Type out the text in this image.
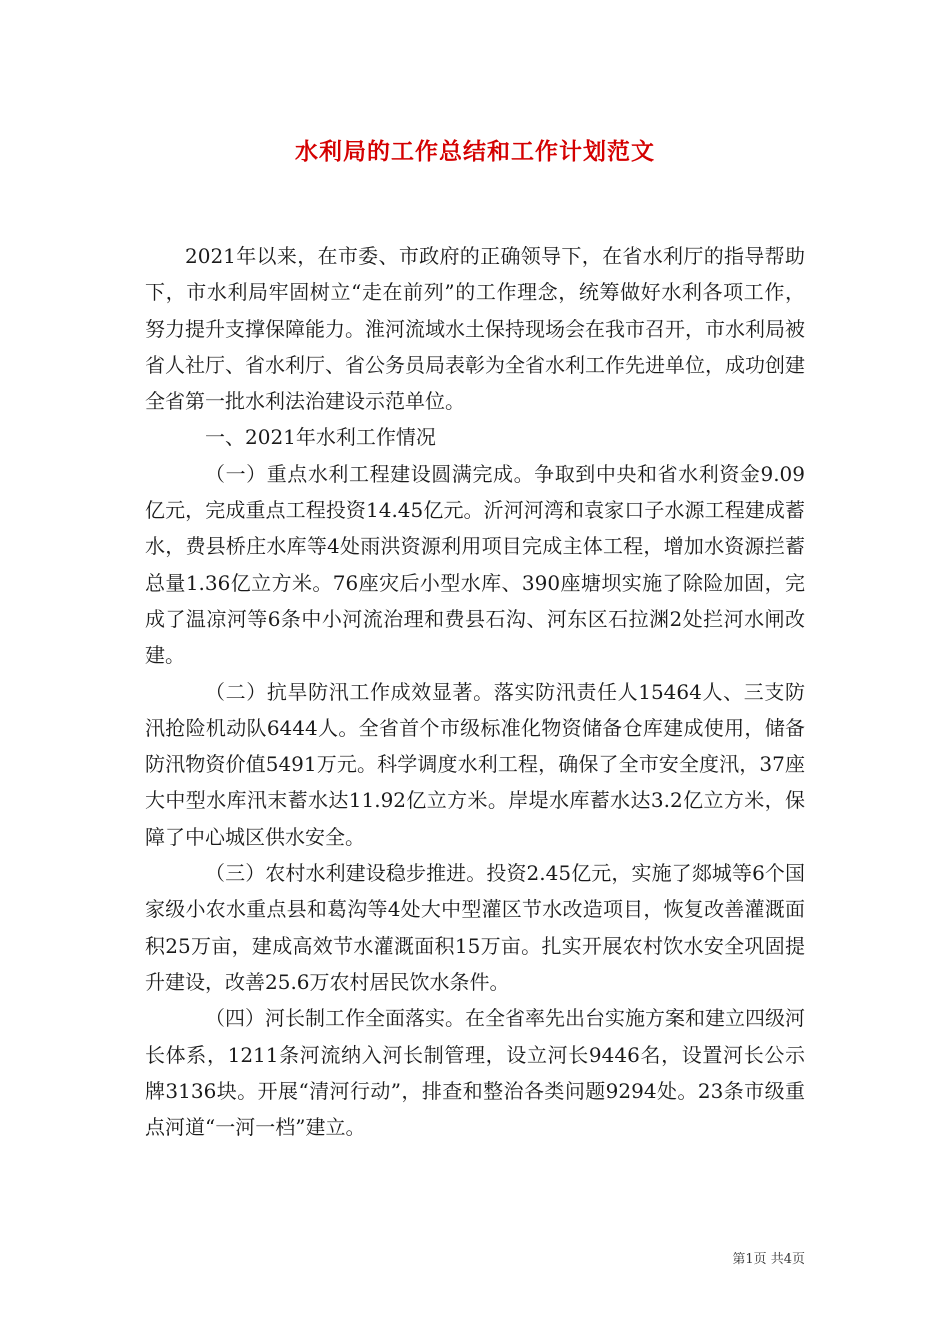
水利局的工作总结和工作计划范文

2021年以来，在市委、市政府的正确领导下，在省水利厅的指导帮助下，市水利局牢固树立“走在前列”的工作理念，统筹做好水利各项工作，努力提升支撑保障能力。淮河流域水土保持现场会在我市召开，市水利局被省人社厅、省水利厅、省公务员局表彰为全省水利工作先进单位，成功创建全省第一批水利法治建设示范单位。

一、2021年水利工作情况

（一）重点水利工程建设圆满完成。争取到中央和省水利资金9.09亿元，完成重点工程投资14.45亿元。沂河河湾和袁家口子水源工程建成蓄水，费县桥庄水库等4处雨洪资源利用项目完成主体工程，增加水资源拦蓄总量1.36亿立方米。76座灾后小型水库、390座塘坝实施了除险加固，完成了温凉河等6条中小河流治理和费县石沟、河东区石拉渊2处拦河水闸改建。

（二）抗旱防汛工作成效显著。落实防汛责任人15464人、三支防汛抢险机动队6444人。全省首个市级标准化物资储备仓库建成使用，储备防汛物资价值5491万元。科学调度水利工程，确保了全市安全度汛，37座大中型水库汛末蓄水达11.92亿立方米。岸堤水库蓄水达3.2亿立方米，保障了中心城区供水安全。

（三）农村水利建设稳步推进。投资2.45亿元，实施了郯城等6个国家级小农水重点县和葛沟等4处大中型灌区节水改造项目，恢复改善灌溉面积25万亩，建成高效节水灌溉面积15万亩。扎实开展农村饮水安全巩固提升建设，改善25.6万农村居民饮水条件。

（四）河长制工作全面落实。在全省率先出台实施方案和建立四级河长体系，1211条河流纳入河长制管理，设立河长9446名，设置河长公示牌3136块。开展“清河行动”，排查和整治各类问题9294处。23条市级重点河道“一河一档”建立。

第1页 共4页
